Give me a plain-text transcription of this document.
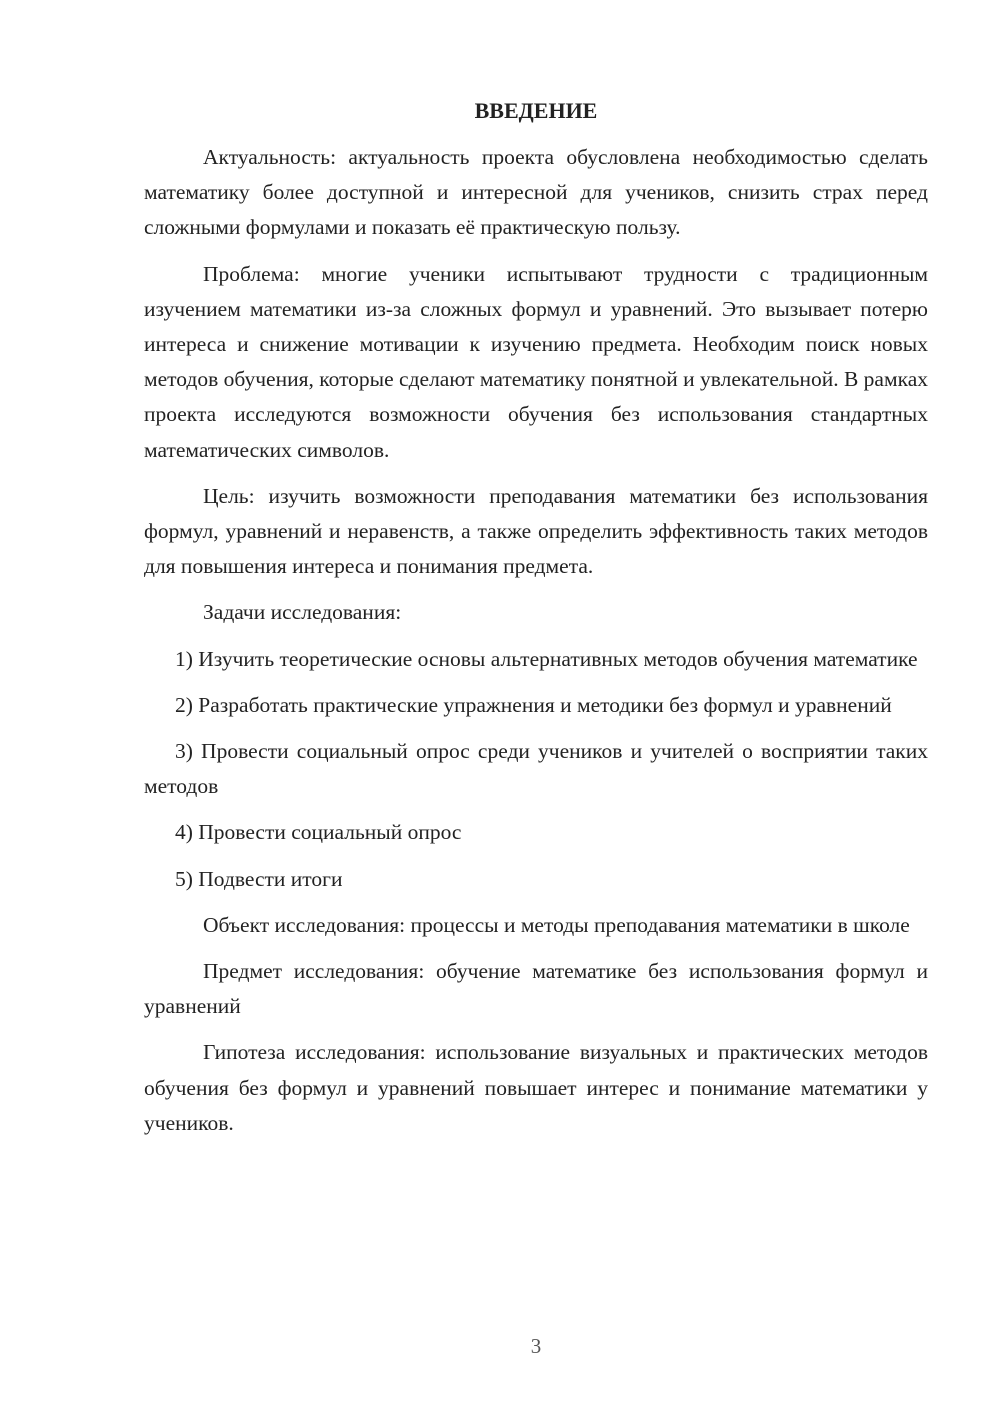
ВВЕДЕНИЕ

Актуальность: актуальность проекта обусловлена необходимостью сделать математику более доступной и интересной для учеников, снизить страх перед сложными формулами и показать её практическую пользу.

Проблема: многие ученики испытывают трудности с традиционным изучением математики из-за сложных формул и уравнений. Это вызывает потерю интереса и снижение мотивации к изучению предмета. Необходим поиск новых методов обучения, которые сделают математику понятной и увлекательной. В рамках проекта исследуются возможности обучения без использования стандартных математических символов.

Цель: изучить возможности преподавания математики без использования формул, уравнений и неравенств, а также определить эффективность таких методов для повышения интереса и понимания предмета.

Задачи исследования:

1) Изучить теоретические основы альтернативных методов обучения математике

2) Разработать практические упражнения и методики без формул и уравнений

3) Провести социальный опрос среди учеников и учителей о восприятии таких методов

4) Провести социальный опрос

5) Подвести итоги

Объект исследования: процессы и методы преподавания математики в школе

Предмет исследования: обучение математике без использования формул и уравнений

Гипотеза исследования: использование визуальных и практических методов обучения без формул и уравнений повышает интерес и понимание математики у учеников.

3
